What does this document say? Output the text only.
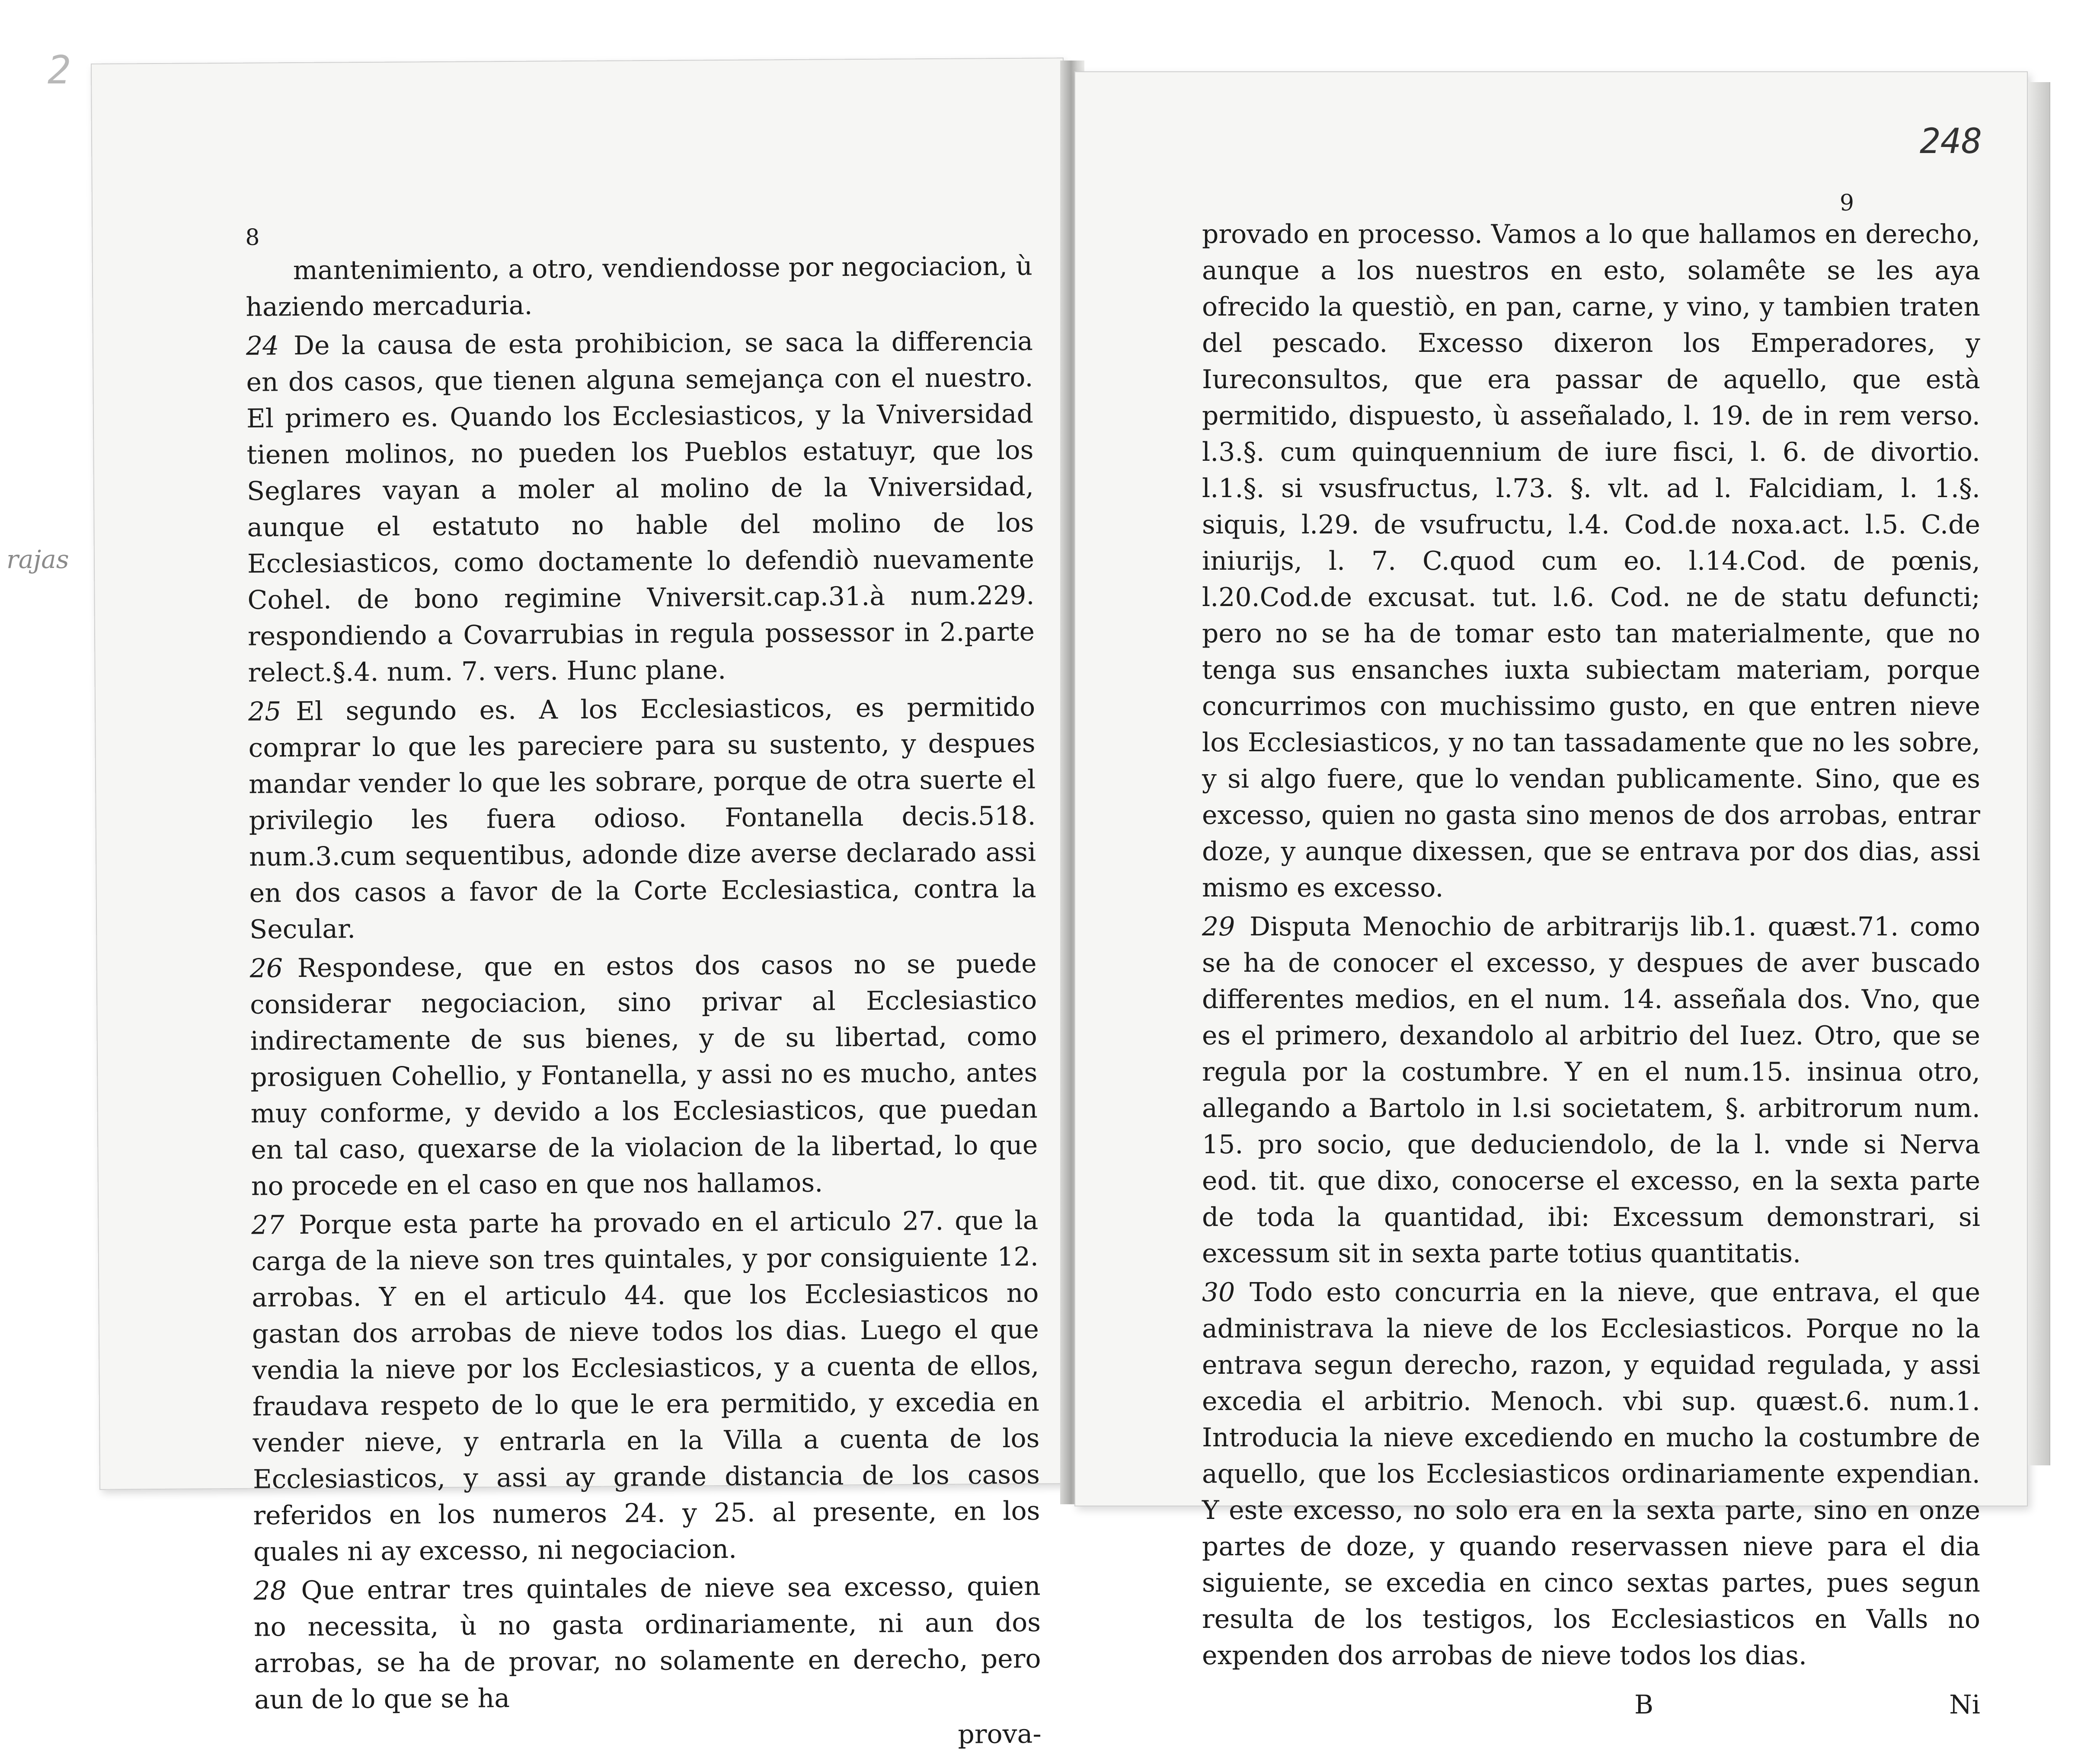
2
8

mantenimiento, a otro, vendiendosse por negociacion, ù haziendo mercaduria.

24 De la causa de esta prohibicion, se saca la differencia en dos casos, que tienen alguna semejança con el nuestro. El primero es. Quando los Ecclesiasticos, y la Vniversidad tienen molinos, no pueden los Pueblos estatuyr, que los Seglares vayan a moler al molino de la Vniversidad, aunque el estatuto no hable del molino de los Ecclesiasticos, como doctamente lo defendiò nuevamente Cohel. de bono regimine Vniversit.cap.31.à num.229. respondiendo a Covarrubias in regula possessor in 2.parte relect.§.4. num. 7. vers. Hunc plane.

25 El segundo es. A los Ecclesiasticos, es permitido comprar lo que les pareciere para su sustento, y despues mandar vender lo que les sobrare, porque de otra suerte el privilegio les fuera odioso. Fontanella decis.518. num.3.cum sequentibus, adonde dize averse declarado assi en dos casos a favor de la Corte Ecclesiastica, contra la Secular.

26 Respondese, que en estos dos casos no se puede considerar negociacion, sino privar al Ecclesiastico indirectamente de sus bienes, y de su libertad, como prosiguen Cohellio, y Fontanella, y assi no es mucho, antes muy conforme, y devido a los Ecclesiasticos, que puedan en tal caso, quexarse de la violacion de la libertad, lo que no procede en el caso en que nos hallamos.

27 Porque esta parte ha provado en el articulo 27. que la carga de la nieve son tres quintales, y por consiguiente 12. arrobas. Y en el articulo 44. que los Ecclesiasticos no gastan dos arrobas de nieve todos los dias. Luego el que vendia la nieve por los Ecclesiasticos, y a cuenta de ellos, fraudava respeto de lo que le era permitido, y excedia en vender nieve, y entrarla en la Villa a cuenta de los Ecclesiasticos, y assi ay grande distancia de los casos referidos en los numeros 24. y 25. al presente, en los quales ni ay excesso, ni negociacion.

28 Que entrar tres quintales de nieve sea excesso, quien no necessita, ù no gasta ordinariamente, ni aun dos arrobas, se ha de provar, no solamente en derecho, pero aun de lo que se ha

prova-
9

provado en processo. Vamos a lo que hallamos en derecho, aunque a los nuestros en esto, solamête se les aya ofrecido la questiò, en pan, carne, y vino, y tambien traten del pescado. Excesso dixeron los Emperadores, y Iureconsultos, que era passar de aquello, que està permitido, dispuesto, ù asseñalado, l. 19. de in rem verso. l.3.§. cum quinquennium de iure fisci, l. 6. de divortio. l.1.§. si vsusfructus, l.73. §. vlt. ad l. Falcidiam, l. 1.§. siquis, l.29. de vsufructu, l.4. Cod.de noxa.act. l.5. C.de iniurijs, l. 7. C.quod cum eo. l.14.Cod. de pœnis, l.20.Cod.de excusat. tut. l.6. Cod. ne de statu defuncti; pero no se ha de tomar esto tan materialmente, que no tenga sus ensanches iuxta subiectam materiam, porque concurrimos con muchissimo gusto, en que entren nieve los Ecclesiasticos, y no tan tassadamente que no les sobre, y si algo fuere, que lo vendan publicamente. Sino, que es excesso, quien no gasta sino menos de dos arrobas, entrar doze, y aunque dixessen, que se entrava por dos dias, assi mismo es excesso.

29 Disputa Menochio de arbitrarijs lib.1. quæst.71. como se ha de conocer el excesso, y despues de aver buscado differentes medios, en el num. 14. asseñala dos. Vno, que es el primero, dexandolo al arbitrio del Iuez. Otro, que se regula por la costumbre. Y en el num.15. insinua otro, allegando a Bartolo in l.si societatem, §. arbitrorum num. 15. pro socio, que deduciendolo, de la l. vnde si Nerva eod. tit. que dixo, conocerse el excesso, en la sexta parte de toda la quantidad, ibi: Excessum demonstrari, si excessum sit in sexta parte totius quantitatis.

30 Todo esto concurria en la nieve, que entrava, el que administrava la nieve de los Ecclesiasticos. Porque no la entrava segun derecho, razon, y equidad regulada, y assi excedia el arbitrio. Menoch. vbi sup. quæst.6. num.1. Introducia la nieve excediendo en mucho la costumbre de aquello, que los Ecclesiasticos ordinariamente expendian. Y este excesso, no solo era en la sexta parte, sino en onze partes de doze, y quando reservassen nieve para el dia siguiente, se excedia en cinco sextas partes, pues segun resulta de los testigos, los Ecclesiasticos en Valls no expenden dos arrobas de nieve todos los dias.

B	Ni
248
rajas
